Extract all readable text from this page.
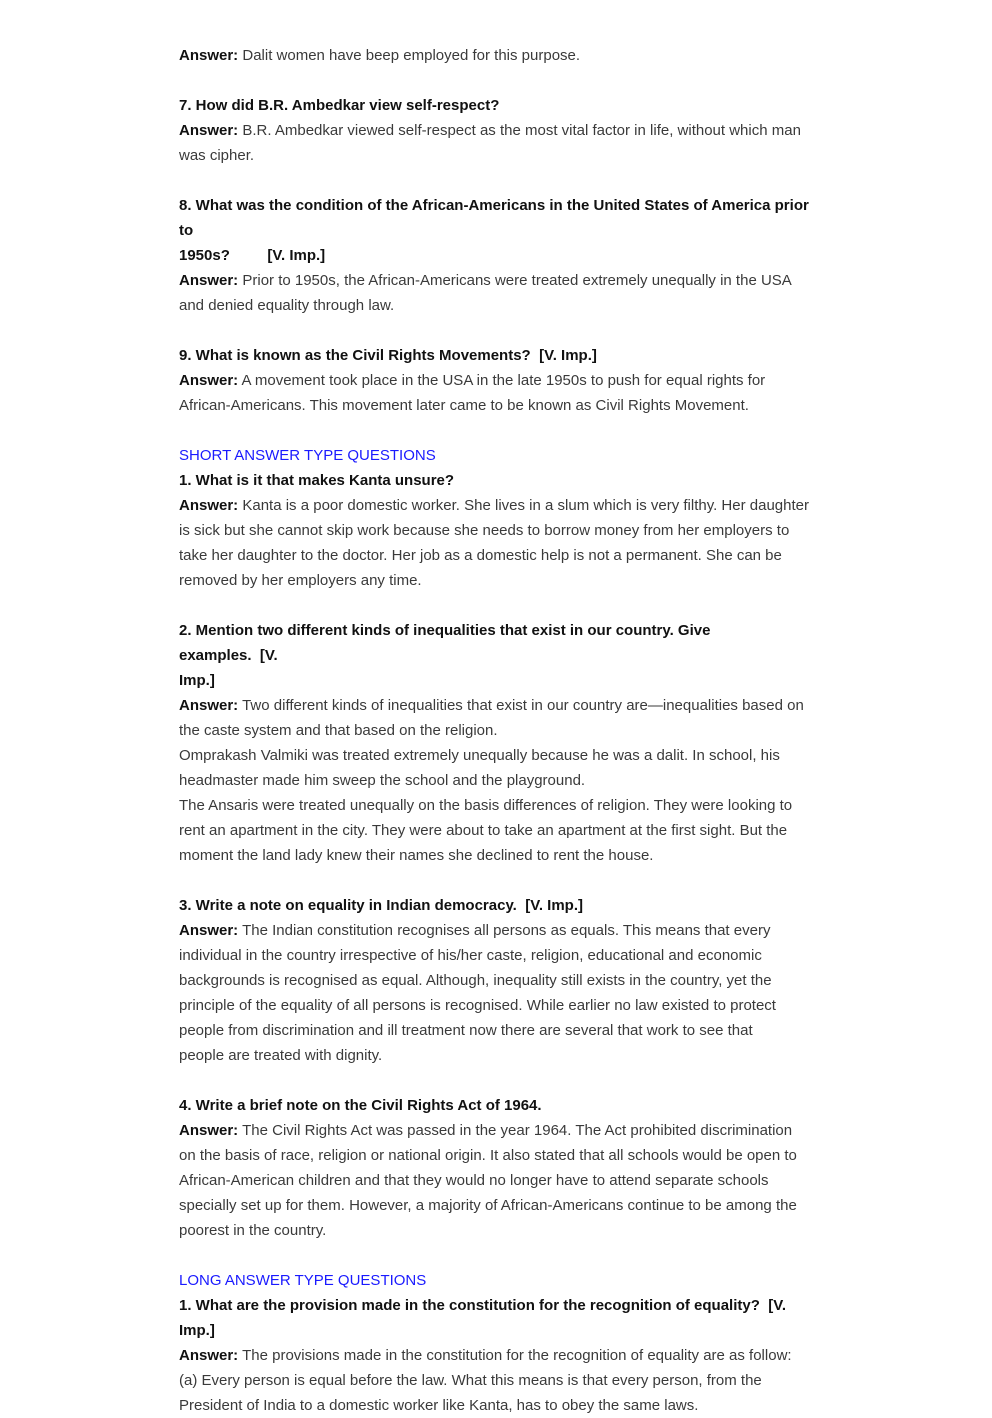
Answer: Dalit women have beep employed for this purpose.

7. How did B.R. Ambedkar view self-respect?

Answer: B.R. Ambedkar viewed self-respect as the most vital factor in life, without which man

was cipher.

8. What was the condition of the African-Americans in the United States of America prior to

1950s?	[V. Imp.]

Answer: Prior to 1950s, the African-Americans were treated extremely unequally in the USA

and denied equality through law.

9. What is known as the Civil Rights Movements? [V. Imp.]

Answer: A movement took place in the USA in the late 1950s to push for equal rights for

African-Americans. This movement later came to be known as Civil Rights Movement.

SHORT ANSWER TYPE QUESTIONS

1. What is it that makes Kanta unsure?

Answer: Kanta is a poor domestic worker. She lives in a slum which is very filthy. Her daughter

is sick but she cannot skip work because she needs to borrow money from her employers to

take her daughter to the doctor. Her job as a domestic help is not a permanent. She can be

removed by her employers any time.

2. Mention two different kinds of inequalities that exist in our country. Give examples. [V.

Imp.]

Answer: Two different kinds of inequalities that exist in our country are—inequalities based on

the caste system and that based on the religion.

Omprakash Valmiki was treated extremely unequally because he was a dalit. In school, his

headmaster made him sweep the school and the playground.

The Ansaris were treated unequally on the basis differences of religion. They were looking to

rent an apartment in the city. They were about to take an apartment at the first sight. But the

moment the land lady knew their names she declined to rent the house.

3. Write a note on equality in Indian democracy. [V. Imp.]

Answer: The Indian constitution recognises all persons as equals. This means that every

individual in the country irrespective of his/her caste, religion, educational and economic

backgrounds is recognised as equal. Although, inequality still exists in the country, yet the

principle of the equality of all persons is recognised. While earlier no law existed to protect

people from discrimination and ill treatment now there are several that work to see that

people are treated with dignity.

4. Write a brief note on the Civil Rights Act of 1964.

Answer: The Civil Rights Act was passed in the year 1964. The Act prohibited discrimination

on the basis of race, religion or national origin. It also stated that all schools would be open to

African-American children and that they would no longer have to attend separate schools

specially set up for them. However, a majority of African-Americans continue to be among the

poorest in the country.

LONG ANSWER TYPE QUESTIONS

1. What are the provision made in the constitution for the recognition of equality? [V. Imp.]

Answer: The provisions made in the constitution for the recognition of equality are as follow:

(a) Every person is equal before the law. What this means is that every person, from the

President of India to a domestic worker like Kanta, has to obey the same laws.
